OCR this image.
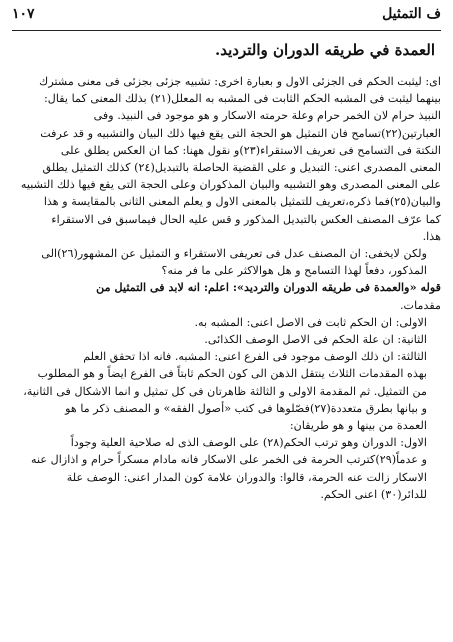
ف التمثيل
١٠٧
العمدة في طريقه الدوران والترديد.
اى: ليثبت الحكم فى الجزئى الاول و بعبارة اخرى: تشبيه جزئى بجزئى فى معنى مشترك
بينهما ليثبت فى المشبه الحكم الثابت فى المشبه به المعلل(٢١) بذلك المعنى كما يقال:
النبيذ حرام لان الخمر حرام وعلة حرمته الاسكار و هو موجود فى النبيذ. وفى
العبارتين(٢٢)تسامح فان التمثيل هو الحجة التى يقع فيها ذلك البيان والتشبيه و قد عرفت
النكتة فى التسامح فى تعريف الاستقراء(٢٣)و نقول ههنا: كما ان العكس يطلق على
المعنى المصدرى اعنى: التبديل و على القضية الحاصلة بالتبديل(٢٤) كذلك التمثيل يطلق
على المعنى المصدرى وهو التشبيه والبيان المذكوران وعلى الحجة التى يقع فيها ذلك التشبيه
والبيان(٢٥)فما ذكره،تعريف للتمثيل بالمعنى الاول و يعلم المعنى الثانى بالمقايسة و هذا
كما عرّف المصنف العكس بالتبديل المذكور و قس عليه الحال فيماسبق فى الاستقراء
هذا.
ولكن لايخفى: ان المصنف عدل فى تعريفى الاستقراء و التمثيل عن المشهور(٢٦)الى
المذكور، دفعاً لهذا التسامح و هل هوالاكثر على ما فر منه؟
قوله «والعمدة فى طريقه الدوران والترديد»: اعلم: انه لابد فى التمثيل من
مقدمات.
الاولى: ان الحكم ثابت فى الاصل اعنى: المشبه به.
الثانية: ان علة الحكم فى الاصل الوصف الكذائى.
الثالثة: ان ذلك الوصف موجود فى الفرع اعنى: المشبه. فانه اذا تحقق العلم
بهذه المقدمات الثلاث ينتقل الذهن الى كون الحكم ثابتاً فى الفرع ايضاً و هو المطلوب
من التمثيل. ثم المقدمة الاولى و الثالثة ظاهرتان فى كل تمثيل و انما الاشكال فى الثانية،
و بيانها بطرق متعددة(٢٧)فصّلوها فى كتب «أصول الفقه» و المصنف ذكر ما هو
العمدة من بينها و هو طريقان:
الاول: الدوران وهو ترتب الحكم(٢٨) على الوصف الذى له صلاحية العلية وجوداً
و عدماً(٢٩)كترتب الحرمة فى الخمر على الاسكار فانه مادام مسكراً حرام و اذازال عنه
الاسكار زالت عنه الحرمة، قالوا: والدوران علامة كون المدار اعنى: الوصف علة
للدائر(٣٠) اعنى الحكم.
